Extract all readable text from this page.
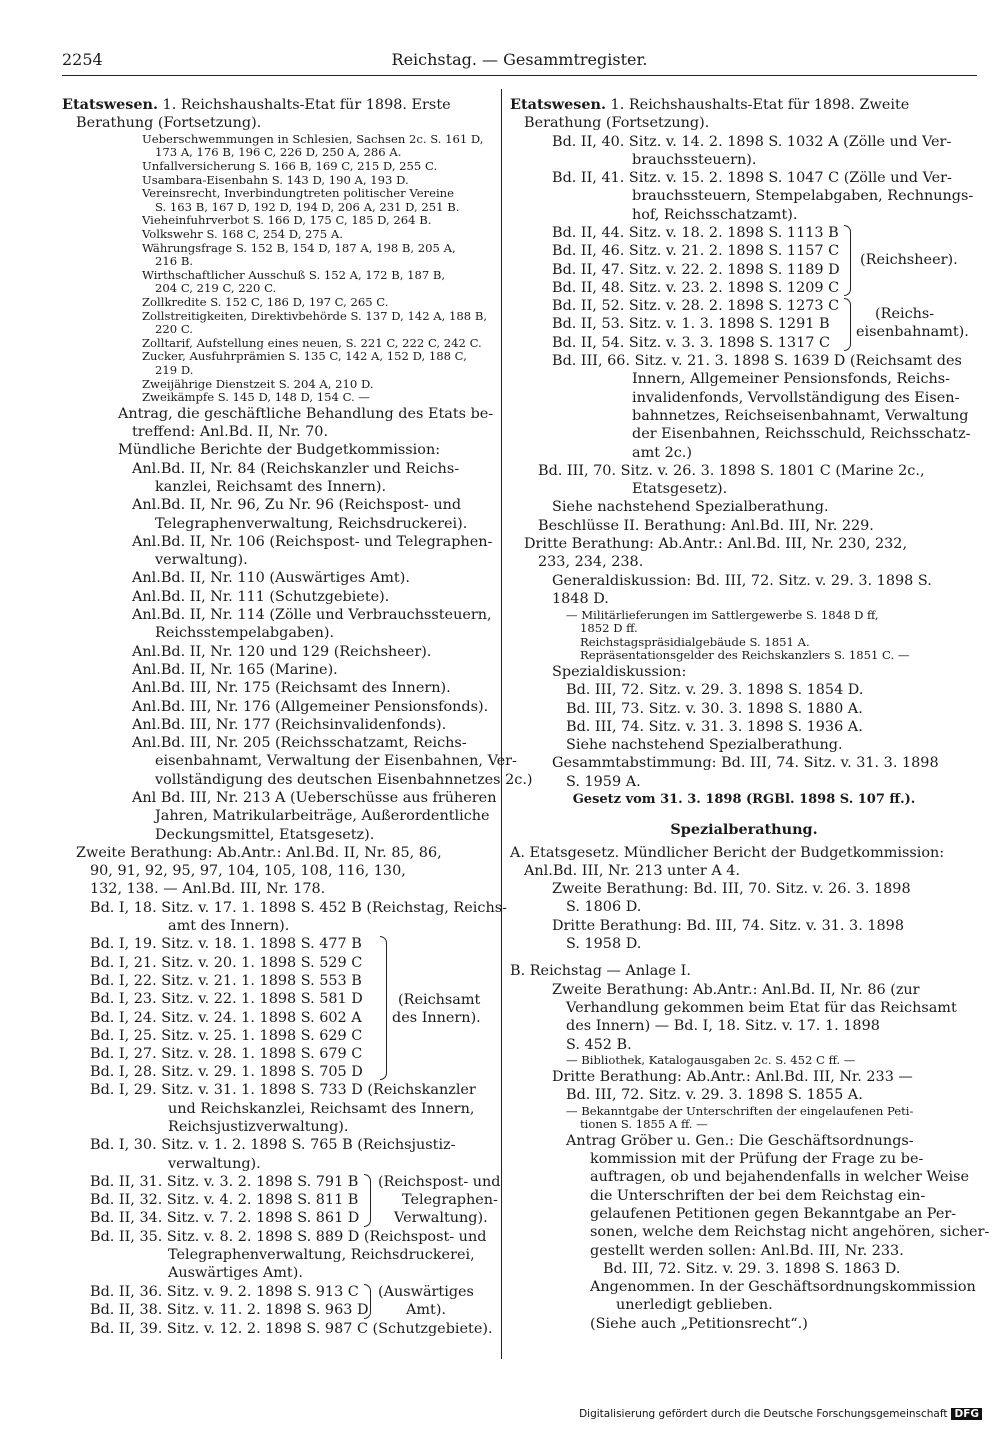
2254	Reichstag. — Gesammtregister.
Etatswesen. 1. Reichshaushalts-Etat für 1898. Erste
Berathung (Fortsetzung).
Ueberschwemmungen in Schlesien, Sachsen 2c. S. 161 D,
173 A, 176 B, 196 C, 226 D, 250 A, 286 A.
Unfallversicherung S. 166 B, 169 C, 215 D, 255 C.
Usambara-Eisenbahn S. 143 D, 190 A, 193 D.
Vereinsrecht, Inverbindungtreten politischer Vereine
S. 163 B, 167 D, 192 D, 194 D, 206 A, 231 D, 251 B.
Vieheinfuhrverbot S. 166 D, 175 C, 185 D, 264 B.
Volkswehr S. 168 C, 254 D, 275 A.
Währungsfrage S. 152 B, 154 D, 187 A, 198 B, 205 A,
216 B.
Wirthschaftlicher Ausschuß S. 152 A, 172 B, 187 B,
204 C, 219 C, 220 C.
Zollkredite S. 152 C, 186 D, 197 C, 265 C.
Zollstreitigkeiten, Direktivbehörde S. 137 D, 142 A, 188 B,
220 C.
Zolltarif, Aufstellung eines neuen, S. 221 C, 222 C, 242 C.
Zucker, Ausfuhrprämien S. 135 C, 142 A, 152 D, 188 C,
219 D.
Zweijährige Dienstzeit S. 204 A, 210 D.
Zweikämpfe S. 145 D, 148 D, 154 C. —
Antrag, die geschäftliche Behandlung des Etats be-
treffend: Anl.Bd. II, Nr. 70.
Mündliche Berichte der Budgetkommission:
Anl.Bd. II, Nr. 84 (Reichskanzler und Reichs-
kanzlei, Reichsamt des Innern).
Anl.Bd. II, Nr. 96, Zu Nr. 96 (Reichspost- und
Telegraphenverwaltung, Reichsdruckerei).
Anl.Bd. II, Nr. 106 (Reichspost- und Telegraphen-
verwaltung).
Anl.Bd. II, Nr. 110 (Auswärtiges Amt).
Anl.Bd. II, Nr. 111 (Schutzgebiete).
Anl.Bd. II, Nr. 114 (Zölle und Verbrauchssteuern,
Reichsstempelabgaben).
Anl.Bd. II, Nr. 120 und 129 (Reichsheer).
Anl.Bd. II, Nr. 165 (Marine).
Anl.Bd. III, Nr. 175 (Reichsamt des Innern).
Anl.Bd. III, Nr. 176 (Allgemeiner Pensionsfonds).
Anl.Bd. III, Nr. 177 (Reichsinvalidenfonds).
Anl.Bd. III, Nr. 205 (Reichsschatzamt, Reichs-
eisenbahnamt, Verwaltung der Eisenbahnen, Ver-
vollständigung des deutschen Eisenbahnnetzes 2c.)
Anl Bd. III, Nr. 213 A (Ueberschüsse aus früheren
Jahren, Matrikularbeiträge, Außerordentliche
Deckungsmittel, Etatsgesetz).
Zweite Berathung: Ab.Antr.: Anl.Bd. II, Nr. 85, 86,
90, 91, 92, 95, 97, 104, 105, 108, 116, 130,
132, 138. — Anl.Bd. III, Nr. 178.
Bd. I, 18. Sitz. v. 17. 1. 1898 S. 452 B (Reichstag, Reichs-
amt des Innern).
Bd. I, 19. Sitz. v. 18. 1. 1898 S. 477 B
Bd. I, 21. Sitz. v. 20. 1. 1898 S. 529 C
Bd. I, 22. Sitz. v. 21. 1. 1898 S. 553 B
Bd. I, 23. Sitz. v. 22. 1. 1898 S. 581 D
Bd. I, 24. Sitz. v. 24. 1. 1898 S. 602 A
Bd. I, 25. Sitz. v. 25. 1. 1898 S. 629 C
Bd. I, 27. Sitz. v. 28. 1. 1898 S. 679 C
Bd. I, 28. Sitz. v. 29. 1. 1898 S. 705 D
(Reichsamt
des Innern).
Bd. I, 29. Sitz. v. 31. 1. 1898 S. 733 D (Reichskanzler
und Reichskanzlei, Reichsamt des Innern,
Reichsjustizverwaltung).
Bd. I, 30. Sitz. v. 1. 2. 1898 S. 765 B (Reichsjustiz-
verwaltung).
Bd. II, 31. Sitz. v. 3. 2. 1898 S. 791 B
Bd. II, 32. Sitz. v. 4. 2. 1898 S. 811 B
Bd. II, 34. Sitz. v. 7. 2. 1898 S. 861 D
(Reichspost- und
Telegraphen-
Verwaltung).
Bd. II, 35. Sitz. v. 8. 2. 1898 S. 889 D (Reichspost- und
Telegraphenverwaltung, Reichsdruckerei,
Auswärtiges Amt).
Bd. II, 36. Sitz. v. 9. 2. 1898 S. 913 C
Bd. II, 38. Sitz. v. 11. 2. 1898 S. 963 D
(Auswärtiges
Amt).
Bd. II, 39. Sitz. v. 12. 2. 1898 S. 987 C (Schutzgebiete).
Etatswesen. 1. Reichshaushalts-Etat für 1898. Zweite
Berathung (Fortsetzung).
Bd. II, 40. Sitz. v. 14. 2. 1898 S. 1032 A (Zölle und Ver-
brauchssteuern).
Bd. II, 41. Sitz. v. 15. 2. 1898 S. 1047 C (Zölle und Ver-
brauchssteuern, Stempelabgaben, Rechnungs-
hof, Reichsschatzamt).
Bd. II, 44. Sitz. v. 18. 2. 1898 S. 1113 B
Bd. II, 46. Sitz. v. 21. 2. 1898 S. 1157 C
Bd. II, 47. Sitz. v. 22. 2. 1898 S. 1189 D
Bd. II, 48. Sitz. v. 23. 2. 1898 S. 1209 C
(Reichsheer).
Bd. II, 52. Sitz. v. 28. 2. 1898 S. 1273 C
Bd. II, 53. Sitz. v. 1. 3. 1898 S. 1291 B
Bd. II, 54. Sitz. v. 3. 3. 1898 S. 1317 C
(Reichs-
eisenbahnamt).
Bd. III, 66. Sitz. v. 21. 3. 1898 S. 1639 D (Reichsamt des
Innern, Allgemeiner Pensionsfonds, Reichs-
invalidenfonds, Vervollständigung des Eisen-
bahnnetzes, Reichseisenbahnamt, Verwaltung
der Eisenbahnen, Reichsschuld, Reichsschatz-
amt 2c.)
Bd. III, 70. Sitz. v. 26. 3. 1898 S. 1801 C (Marine 2c.,
Etatsgesetz).
Siehe nachstehend Spezialberathung.
Beschlüsse II. Berathung: Anl.Bd. III, Nr. 229.
Dritte Berathung: Ab.Antr.: Anl.Bd. III, Nr. 230, 232,
233, 234, 238.
Generaldiskussion: Bd. III, 72. Sitz. v. 29. 3. 1898 S.
1848 D.
— Militärlieferungen im Sattlergewerbe S. 1848 D ff,
1852 D ff.
Reichstagspräsidialgebäude S. 1851 A.
Repräsentationsgelder des Reichskanzlers S. 1851 C. —
Spezialdiskussion:
Bd. III, 72. Sitz. v. 29. 3. 1898 S. 1854 D.
Bd. III, 73. Sitz. v. 30. 3. 1898 S. 1880 A.
Bd. III, 74. Sitz. v. 31. 3. 1898 S. 1936 A.
Siehe nachstehend Spezialberathung.
Gesammtabstimmung: Bd. III, 74. Sitz. v. 31. 3. 1898
S. 1959 A.
Gesetz vom 31. 3. 1898 (RGBl. 1898 S. 107 ff.).
Spezialberathung.
A. Etatsgesetz. Mündlicher Bericht der Budgetkommission:
Anl.Bd. III, Nr. 213 unter A 4.
Zweite Berathung: Bd. III, 70. Sitz. v. 26. 3. 1898
S. 1806 D.
Dritte Berathung: Bd. III, 74. Sitz. v. 31. 3. 1898
S. 1958 D.
B. Reichstag — Anlage I.
Zweite Berathung: Ab.Antr.: Anl.Bd. II, Nr. 86 (zur
Verhandlung gekommen beim Etat für das Reichsamt
des Innern) — Bd. I, 18. Sitz. v. 17. 1. 1898
S. 452 B.
— Bibliothek, Katalogausgaben 2c. S. 452 C ff. —
Dritte Berathung: Ab.Antr.: Anl.Bd. III, Nr. 233 —
Bd. III, 72. Sitz. v. 29. 3. 1898 S. 1855 A.
— Bekanntgabe der Unterschriften der eingelaufenen Peti-
tionen S. 1855 A ff. —
Antrag Gröber u. Gen.: Die Geschäftsordnungs-
kommission mit der Prüfung der Frage zu be-
auftragen, ob und bejahendenfalls in welcher Weise
die Unterschriften der bei dem Reichstag ein-
gelaufenen Petitionen gegen Bekanntgabe an Per-
sonen, welche dem Reichstag nicht angehören, sicher-
gestellt werden sollen: Anl.Bd. III, Nr. 233.
Bd. III, 72. Sitz. v. 29. 3. 1898 S. 1863 D.
Angenommen. In der Geschäftsordnungskommission
unerledigt geblieben.
(Siehe auch „Petitionsrecht“.)
Digitalisierung gefördert durch die Deutsche Forschungsgemeinschaft DFG
